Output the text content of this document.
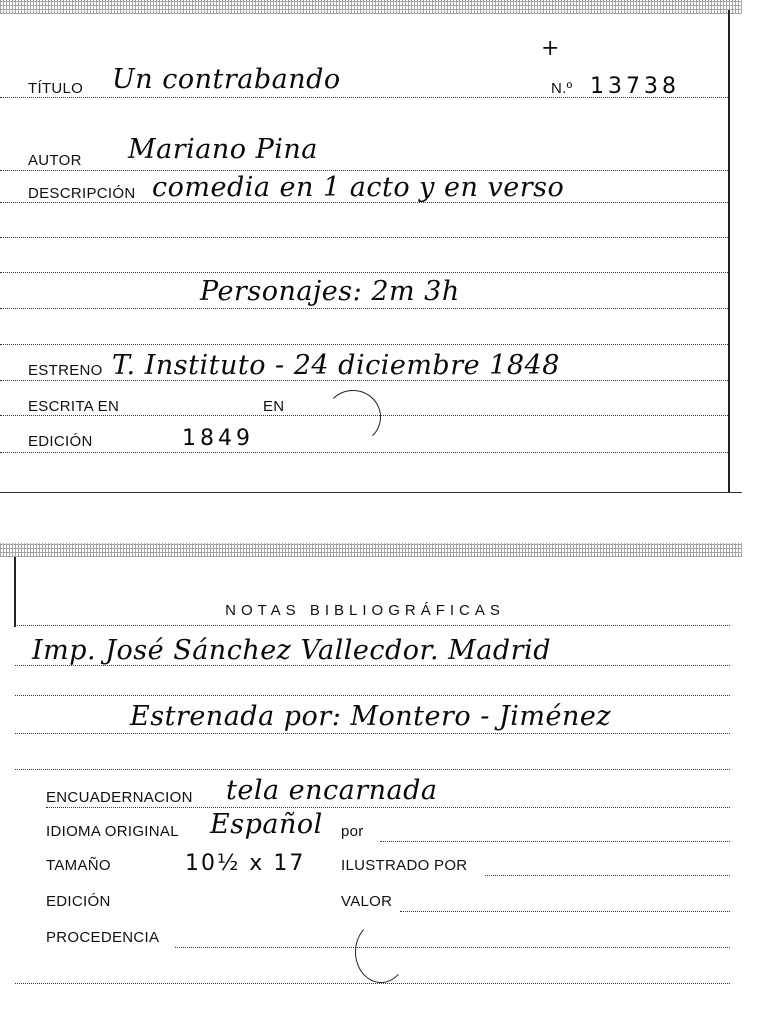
+
TÍTULO Un contrabando	N.º 13738
AUTOR Mariano Pina
DESCRIPCIÓN comedia en 1 acto y en verso
Personajes: 2m 3h
ESTRENO T. Instituto - 24 diciembre 1848
ESCRITA EN	EN
EDICIÓN	1849
NOTAS BIBLIOGRÁFICAS
Imp. José Sánchez Vallecdor. Madrid
Estrenada por: Montero - Jiménez
ENCUADERNACION tela encarnada
IDIOMA ORIGINAL Español por
TAMAÑO	10½ x 17 ILUSTRADO POR
EDICIÓN	VALOR
PROCEDENCIA
